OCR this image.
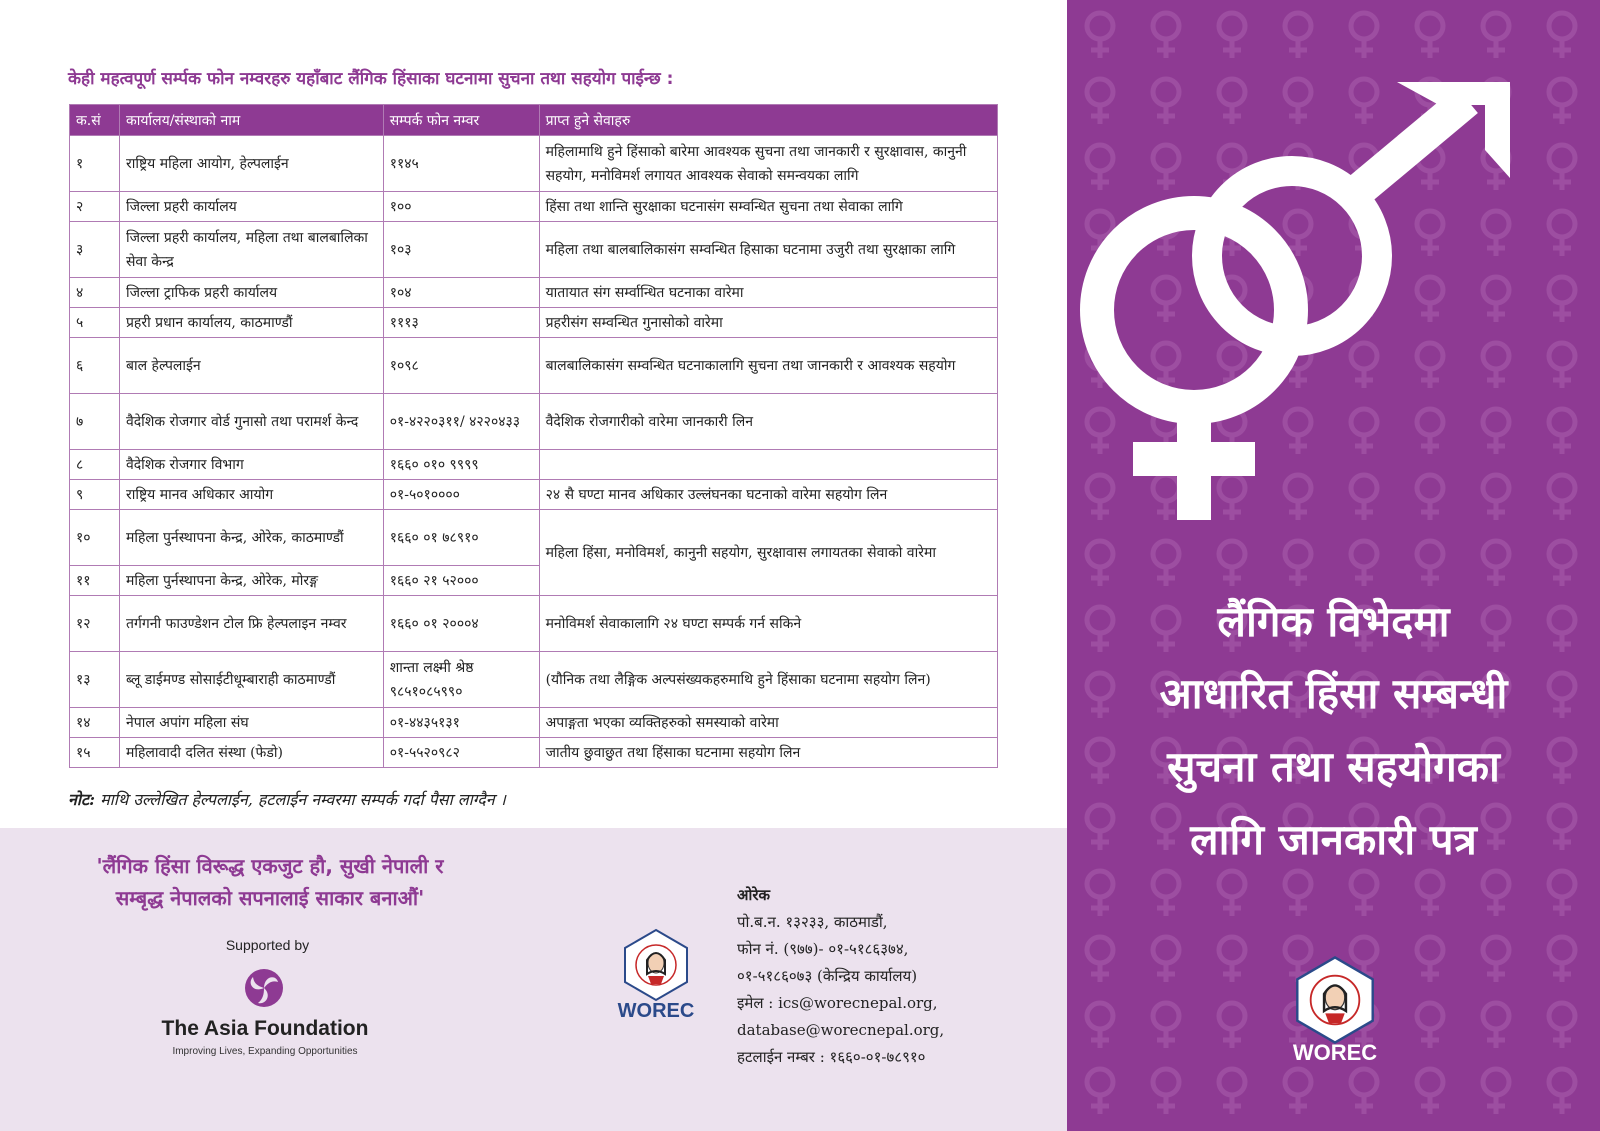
केही महत्वपूर्ण सर्म्पक फोन नम्वरहरु यहाँबाट लैंगिक हिंसाका घटनामा सुचना तथा सहयोग पाईन्छ :
क.सं	कार्यालय/संस्थाको नाम	सम्पर्क फोन नम्वर	प्राप्त हुने सेवाहरु
१	राष्ट्रिय महिला आयोग, हेल्पलाईन	११४५	महिलामाथि हुने हिंसाको बारेमा आवश्यक सुचना तथा जानकारी र सुरक्षावास, कानुनी सहयोग, मनोविमर्श लगायत आवश्यक सेवाको समन्वयका लागि
२	जिल्ला प्रहरी कार्यालय	१००	हिंसा तथा शान्ति सुरक्षाका घटनासंग सम्वन्धित सुचना तथा सेवाका लागि
३	जिल्ला प्रहरी कार्यालय, महिला तथा बालबालिका सेवा केन्द्र	१०३	महिला तथा बालबालिकासंग सम्वन्धित हिसाका घटनामा उजुरी तथा सुरक्षाका लागि
४	जिल्ला ट्राफिक प्रहरी कार्यालय	१०४	यातायात संग सर्म्वान्धित घटनाका वारेमा
५	प्रहरी प्रधान कार्यालय, काठमाण्डौं	१११३	प्रहरीसंग सम्वन्धित गुनासोको वारेमा
६	बाल हेल्पलाईन	१०९८	बालबालिकासंग सम्वन्धित घटनाकालागि सुचना तथा जानकारी र आवश्यक सहयोग
७	वैदेशिक रोजगार वोर्ड गुनासो तथा परामर्श केन्द	०१-४२२०३११/ ४२२०४३३	वैदेशिक रोजगारीको वारेमा जानकारी लिन
८	वैदेशिक रोजगार विभाग	१६६० ०१० ९९९९	
९	राष्ट्रिय मानव अधिकार आयोग	०१-५०१००००	२४ सै घण्टा मानव अधिकार उल्लंघनका घटनाको वारेमा सहयोग लिन
१०	महिला पुर्नस्थापना केन्द्र, ओरेक, काठमाण्डौं	१६६० ०१ ७८९१०	महिला हिंसा, मनोविमर्श, कानुनी सहयोग, सुरक्षावास लगायतका सेवाको वारेमा
११	महिला पुर्नस्थापना केन्द्र, ओरेक, मोरङ्ग	१६६० २१ ५२०००	
१२	तर्गगनी फाउण्डेशन टोल फ्रि हेल्पलाइन नम्वर	१६६० ०१ २०००४	मनोविमर्श सेवाकालागि २४ घण्टा सम्पर्क गर्न सकिने
१३	ब्लू डाईमण्ड सोसाईटीधूम्बाराही काठमाण्डौं	शान्ता लक्ष्मी श्रेष्ठ ९८५१०८५९९०	(यौनिक तथा लैङ्गिक अल्पसंख्यकहरुमाथि हुने हिंसाका घटनामा सहयोग लिन)
१४	नेपाल अपांग महिला संघ	०१-४४३५१३१	अपाङ्गता भएका व्यक्तिहरुको समस्याको वारेमा
१५	महिलावादी दलित संस्था (फेडो)	०१-५५२०९८२	जातीय छुवाछुत तथा हिंसाका घटनामा सहयोग लिन
नोट: माथि उल्लेखित हेल्पलाईन, हटलाईन नम्वरमा सम्पर्क गर्दा पैसा लाग्दैन ।
'लैंगिक हिंसा विरूद्ध एकजुट हौ, सुखी नेपाली र
सम्बृद्ध नेपालको सपनालाई साकार बनाऔं'
Supported by
The Asia Foundation
Improving Lives, Expanding Opportunities
WOREC
ओरेक
पो.ब.न. १३२३३, काठमाडौं,
फोन नं. (९७७)- ०१-५१८६३७४,
०१-५१८६०७३ (केन्द्रिय कार्यालय)
इमेल : ics@worecnepal.org,
database@worecnepal.org,
हटलाईन नम्बर : १६६०-०१-७८९१०
लैंगिक विभेदमा
आधारित हिंसा सम्बन्धी
सुचना तथा सहयोगका
लागि जानकारी पत्र
WOREC
